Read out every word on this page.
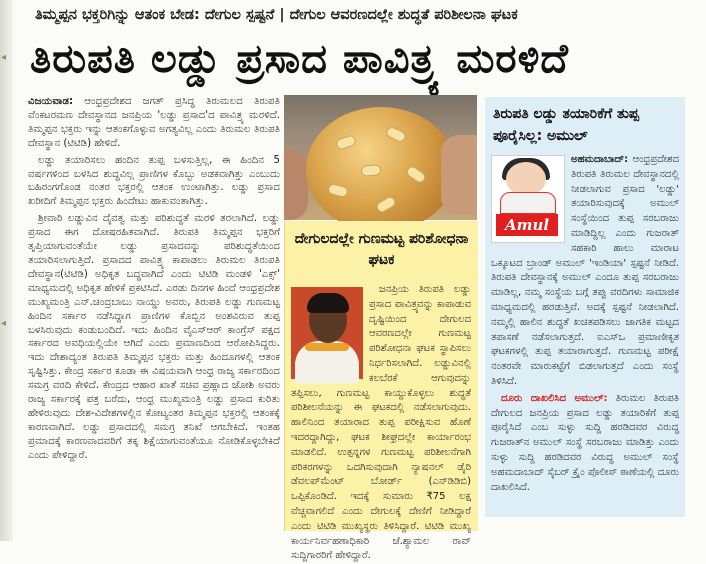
◂
◂
ತಿಮ್ಮಪ್ಪನ ಭಕ್ತರಿಗಿನ್ನು ಆತಂಕ ಬೇಡ: ದೇಗುಲ ಸ್ಪಷ್ಟನೆ | ದೇಗುಲ ಆವರಣದಲ್ಲೇ ಶುದ್ಧತೆ ಪರಿಶೀಲನಾ ಘಟಕ
ತಿರುಪತಿ ಲಡ್ಡು ಪ್ರಸಾದ ಪಾವಿತ್ರ್ಯ ಮರಳಿದೆ

ವಿಜಯವಾಡ: ಆಂಧ್ರಪ್ರದೇಶದ ಜಗತ್ ಪ್ರಸಿದ್ಧ ತಿರುಮಲದ ತಿರುಪತಿ ವೆಂಕಟರಮಣ ದೇವಸ್ಥಾನದ ಜನಪ್ರಿಯ 'ಲಡ್ಡು ಪ್ರಸಾದ'ದ ಪಾವಿತ್ರ್ಯ ಮರಳಿದೆ. ತಿಮ್ಮಪ್ಪನ ಭಕ್ತರು ಇನ್ನು ಆತಂಕಗೊಳ್ಳುವ ಅಗತ್ಯವಿಲ್ಲ ಎಂದು ತಿರುಮಲ ತಿರುಪತಿ ದೇವಸ್ಥಾನ (ಟಿಟಿಡಿ) ಹೇಳಿದೆ.

ಲಡ್ಡು ತಯಾರಿಸಲು ಹಂದಿನ ತುಪ್ಪ ಬಳಸುತ್ತಿಲ್ಲ, ಈ ಹಿಂದಿನ 5 ವರ್ಷಗಳಿಂದ ಬಳಸಿದ ಶುದ್ಧವಿಲ್ಲ ಪ್ರಾಣಿಗಳ ಕೊಬ್ಬು ಅಡಕವಾಗಿತ್ತು ಎಂಬುದು ಬಹಿರಂಗಗೊಂಡ ನಂತರ ಭಕ್ತರಲ್ಲಿ ಆತಂಕ ಉಂಟಾಗಿತ್ತು. ಲಡ್ಡು ಪ್ರಸಾದ ಖರೀದಿಗೆ ತಿಮ್ಮಪ್ಪನ ಭಕ್ತರು ಹಿಂದೇಟು ಹಾಕುವಂತಾಗಿತ್ತು.

ಶ್ರೀವಾರಿ ಲಡ್ಡುವಿನ ದೈವತ್ವ ಮತ್ತು ಪರಿಶುದ್ಧತೆ ಮರಳಿ ತರಲಾಗಿದೆ. ಲಡ್ಡು ಪ್ರಸಾದ ಈಗ ದೋಷರಹಿತವಾಗಿದೆ. ತಿರುಪತಿ ತಿಮ್ಮಪ್ಪನ ಭಕ್ತರಿಗೆ ತೃಪ್ತಿಯಾಗುವಂತೆಯೇ ಲಡ್ಡು ಪ್ರಸಾದವನ್ನು ಪರಿಶುದ್ಧತೆಯಿಂದ ತಯಾರಿಸಲಾಗುತ್ತಿದೆ. ಪ್ರಸಾದದ ಪಾವಿತ್ರ್ಯ ಕಾಪಾಡಲು ತಿರುಮಲ ತಿರುಪತಿ ದೇವಸ್ಥಾನ(ಟಿಟಿಡಿ) ಅಧಿಕೃತ ಬದ್ಧವಾಗಿದೆ ಎಂದು ಟಿಟಿಡಿ ಮಂಡಳಿ 'ಎಕ್ಸ್' ಮಾಧ್ಯಮದಲ್ಲಿ ಅಧಿಕೃತ ಹೇಳಿಕೆ ಪ್ರಕಟಿಸಿದೆ. ಎರಡು ದಿನಗಳ ಹಿಂದೆ ಆಂಧ್ರಪ್ರದೇಶ ಮುಖ್ಯಮಂತ್ರಿ ಎನ್.ಚಂದ್ರಬಾಬು ನಾಯ್ಡು ಅವರು, ತಿರುಪತಿ ಲಡ್ಡು ಗುಣಮಟ್ಟ ಹಿಂದಿನ ಸರ್ಕಾರ ನಡೆಸಿದ್ದಾಗ ಪ್ರಾಣಿಗಳ ಕೊಬ್ಬಿನ ಅಂಶವಿರುವ ತುಪ್ಪ ಬಳಸಿರುವುದು ಕಂಡುಬಂದಿದೆ. ಇದು ಹಿಂದಿನ ವೈಎಸ್‌ಆರ್ ಕಾಂಗ್ರೆಸ್ ಪಕ್ಷದ ಸರ್ಕಾರದ ಅವಧಿಯಲ್ಲಿಯೇ ಆಗಿದೆ ಎಂದು ಪ್ರಮಾಣದಿಂದ ಆರೋಪಿಸಿದ್ದರು. ಇದು ದೇಶಾದ್ಯಂತ ತಿರುಪತಿ ತಿಮ್ಮಪ್ಪನ ಭಕ್ತರು ಮತ್ತು ಹಿಂದೂಗಳಲ್ಲಿ ಆತಂಕ ಸೃಷ್ಟಿಸಿತ್ತು. ಕೇಂದ್ರ ಸರ್ಕಾರ ಕೂಡಾ ಈ ವಿಷಯವಾಗಿ ಆಂಧ್ರ ರಾಜ್ಯ ಸರ್ಕಾರದಿಂದ ಸಮಗ್ರ ವರದಿ ಕೇಳಿದೆ. ಕೇಂದ್ರದ ಆಹಾರ ಖಾತೆ ಸಚಿವ ಪ್ರಹ್ಲಾದ ಜೋಶಿ ಅವರು ರಾಜ್ಯ ಸರ್ಕಾರಕ್ಕೆ ಪತ್ರ ಬರೆದು, ಆಂಧ್ರ ಮುಖ್ಯಮಂತ್ರಿ ಲಡ್ಡು ಪ್ರಸಾದ ಕುರಿತು ಹೇಳಿರುವುದು ದೇಶ-ವಿದೇಶಗಳಲ್ಲಿನ ಕೋಟ್ಯಂತರ ತಿಮ್ಮಪ್ಪನ ಭಕ್ತರಲ್ಲಿ ಆತಂಕಕ್ಕೆ ಕಾರಣವಾಗಿದೆ. ಲಡ್ಡು ಪ್ರಸಾದದಲ್ಲಿ ಸಮಗ್ರ ತನಿಖೆ ಆಗಬೇಕಿದೆ. ಇಂತಹ ಪ್ರಮಾದಕ್ಕೆ ಕಾರಣವಾದವರಿಗೆ ತಕ್ಕ ಶಿಕ್ಷೆಯಾಗುವಂತೆಯೂ ನೋಡಿಕೊಳ್ಳಬೇಕಿದೆ ಎಂದು ಪೇಳಿದ್ದಾರೆ.

ದೇಗುಲದಲ್ಲೇ ಗುಣಮಟ್ಟ ಪರಿಶೋಧನಾ ಘಟಕ

ಜನಪ್ರಿಯ ತಿರುಪತಿ ಲಡ್ಡು ಪ್ರಸಾದ ಪಾವಿತ್ರ್ಯವನ್ನು ಕಾಪಾಡುವ ದೃಷ್ಟಿಯಿಂದ ದೇಗುಲದ ಆವರಣದಲ್ಲೇ ಗುಣಮಟ್ಟ ಪರಿಶೋಧನಾ ಘಟಕ ಸ್ಥಾಪಿಸಲು ನಿರ್ಧರಿಸಲಾಗಿದೆ. ಲಡ್ಡುವಿನಲ್ಲಿ ಕಲಬೆರಕೆ ಆಗುವುದನ್ನು ತಪ್ಪಿಸಲು, ಗುಣಮಟ್ಟ ಕಾಯ್ದುಕೊಳ್ಳಲು ಶುದ್ಧತೆ ಪರಿಶೀಲನೆಯನ್ನು ಈ ಘಟಕದಲ್ಲಿ ನಡೆಸಲಾಗುವುದು. ಹಾಲಿನಿಂದ ತಯಾರಾದ ತುಪ್ಪ ಪರೀಕ್ಷಿಸುವ ಹೊಣೆ ಇದರದ್ದಾಗಿದ್ದು, ಘಟಕ ಶೀಘ್ರದಲ್ಲೇ ಕಾರ್ಯಾರಂಭ ಮಾಡಲಿದೆ. ಉತ್ಪನ್ನಗಳ ಗುಣಮಟ್ಟ ಪರಿಶೀಲನೆಗಾಗಿ ಪರಿಕರಗಳನ್ನು ಒದಗಿಸುವುದಾಗಿ ನ್ಯಾಷನಲ್ ಡೈರಿ ಡೆವಲಪ್‌ಮೆಂಟ್ ಬೋರ್ಡ್ (ಎನ್‌ಡಿಡಿಬಿ) ಒಪ್ಪಿಕೊಂಡಿದೆ. ಇದಕ್ಕೆ ಸುಮಾರು ₹75 ಲಕ್ಷ ವೆಚ್ಚವಾಗಲಿದೆ ಎಂದು ದೇಗುಲಕ್ಕೆ ದೇಣಿಗೆ ನೀಡಿದ್ದಾರೆ ಎಂದು ಟಿಟಿಡಿ ಮುಖ್ಯಸ್ಥರು ತಿಳಿಸಿದ್ದಾರೆ. ಟಿಟಿಡಿ ಮುಖ್ಯ ಕಾರ್ಯನಿರ್ವಹಣಾಧಿಕಾರಿ ಜೆ.ಶ್ಯಾಮಲ ರಾವ್ ಸುದ್ದಿಗಾರರಿಗೆ ಹೇಳಿದ್ದಾರೆ.

ತಿರುಪತಿ ಲಡ್ಡು ತಯಾರಿಕೆಗೆ ತುಪ್ಪ ಪೂರೈಸಿಲ್ಲ: ಅಮುಲ್

ಅಹಮದಾಬಾದ್:
Amul
ಆಂಧ್ರಪ್ರದೇಶದ ತಿರುಪತಿ ತಿರುಮಲ ದೇವಸ್ಥಾನದಲ್ಲಿ ನೀಡಲಾಗುವ ಪ್ರಸಾದ 'ಲಡ್ಡು' ತಯಾರಿಸುವುದಕ್ಕೆ ಅಮುಲ್ ಸಂಸ್ಥೆಯಿಂದ ತುಪ್ಪ ಸರಬರಾಜು ಮಾಡಿದ್ದಿಲ್ಲ ಎಂದು ಗುಜರಾತ್ ಸಹಕಾರಿ ಹಾಲು ಮಾರಾಟ ಒಕ್ಕೂಟದ ಬ್ರಾಂಡ್ ಅಮುಲ್ 'ಇಂಡಿಯಾ' ಸ್ಪಷ್ಟನೆ ನೀಡಿದೆ. ತಿರುಪತಿ ದೇವಸ್ಥಾನಕ್ಕೆ ಅಮುಲ್ ಎಂದೂ ತುಪ್ಪ ಸರಬರಾಜು ಮಾಡಿಲ್ಲ, ನಮ್ಮ ಸಂಸ್ಥೆಯ ಬಗ್ಗೆ ತಪ್ಪು ವರದಿಗಳು ಸಾಮಾಜಿಕ ಮಾಧ್ಯಮದಲ್ಲಿ ಹರಡುತ್ತಿವೆ. ಅದಕ್ಕೆ ಸ್ಪಷ್ಟನೆ ನೀಡಲಾಗಿದೆ. ನಮ್ಮಲ್ಲಿ ಹಾಲಿನ ಶುದ್ಧತೆ ಖಚಿತಪಡಿಸಲು ಜಾಗತಿಕ ಮಟ್ಟದ ತಪಾಸಣೆ ನಡೆಸಲಾಗುತ್ತದೆ. ಐಎಸ್‌ಒ ಪ್ರಮಾಣೀಕೃತ ಘಟಕಗಳಲ್ಲಿ ತುಪ್ಪ ತಯಾರಾಗುತ್ತದೆ. ಗುಣಮಟ್ಟ ಪರೀಕ್ಷೆ ನಂತರವೇ ಮಾರುಕಟ್ಟೆಗೆ ಬಿಡಲಾಗುತ್ತದೆ ಎಂದು ಸಂಸ್ಥೆ ತಿಳಿಸಿದೆ.

ದೂರು ದಾಖಲಿಸಿದ ಅಮುಲ್: ತಿರುಮಲ ತಿರುಪತಿ ದೇಗುಲದ ಜನಪ್ರಿಯ ಪ್ರಸಾದ ಲಡ್ಡು ತಯಾರಿಕೆಗೆ ತುಪ್ಪ ಪೂರೈಸಿದೆ ಎಂಬ ಸುಳ್ಳು ಸುದ್ದಿ ಹರಡಿದವರ ವಿರುದ್ಧ ಗುಜರಾತ್‌ನ ಅಮುಲ್ ಸಂಸ್ಥೆ ಸರಬರಾಜು ಮಾಡಿತ್ತು ಎಂದು ಸುಳ್ಳು ಸುದ್ದಿ ಹರಡಿದವರ ವಿರುದ್ಧ ಅಮುಲ್ ಸಂಸ್ಥೆ ಅಹಮದಾಬಾದ್ ಸೈಬರ್ ಕ್ರೈಂ ಪೊಲೀಸ್ ಠಾಣೆಯಲ್ಲಿ ದೂರು ದಾಖಲಿಸಿದೆ.
